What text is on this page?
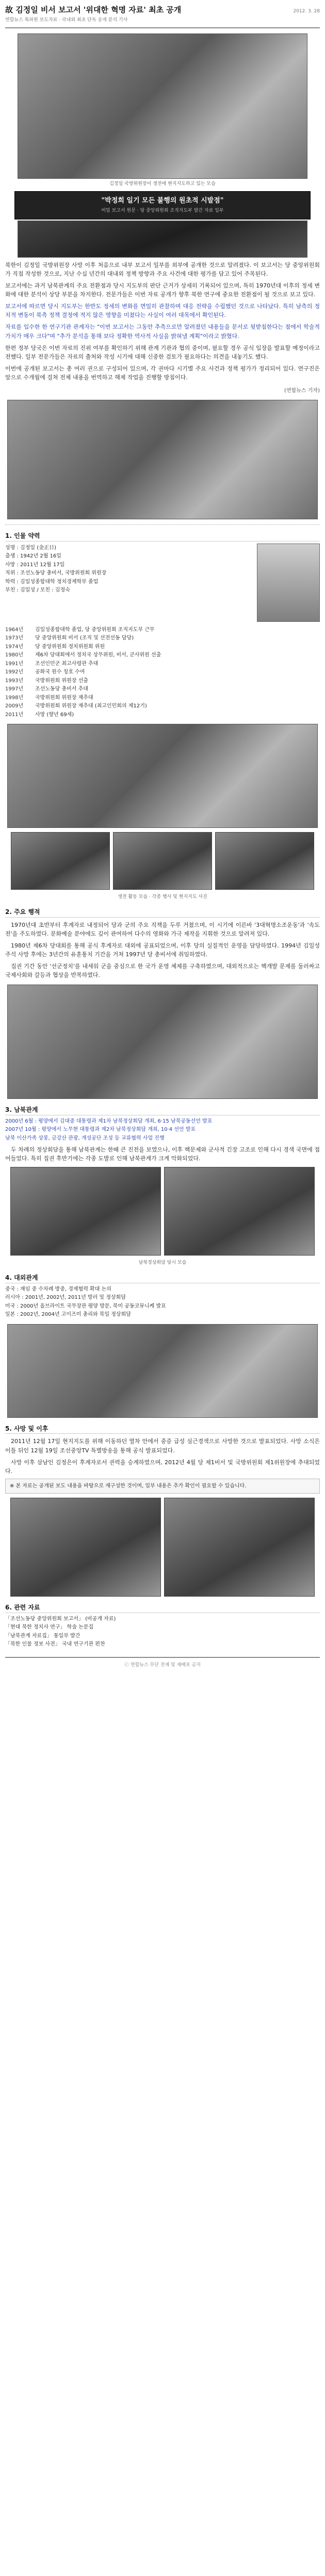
故 김정일 비서 보고서 '위대한 혁명 자료' 최초 공개	2012. 3. 28
연합뉴스 특파원 보도자료 · 국내외 최초 단독 공개 분석 기사
김정일 국방위원장이 생전에 현지지도하고 있는 모습
"박정희 일기 모든 불행의 원초적 시발점"
비밀 보고서 원문 · 당 중앙위원회 조직지도부 발간 자료 일부

북한이 김정일 국방위원장 사망 이후 처음으로 내부 보고서 일부를 외부에 공개한 것으로 알려졌다. 이 보고서는 당 중앙위원회가 직접 작성한 것으로, 지난 수십 년간의 대내외 정책 방향과 주요 사건에 대한 평가를 담고 있어 주목된다.

보고서에는 과거 남북관계의 주요 전환점과 당시 지도부의 판단 근거가 상세히 기록되어 있으며, 특히 1970년대 이후의 정세 변화에 대한 분석이 상당 부분을 차지한다. 전문가들은 이번 자료 공개가 향후 북한 연구에 중요한 전환점이 될 것으로 보고 있다.

보고서에 따르면 당시 지도부는 한반도 정세의 변화를 면밀히 관찰하며 대응 전략을 수립했던 것으로 나타났다. 특히 남측의 정치적 변동이 북측 정책 결정에 적지 않은 영향을 미쳤다는 사실이 여러 대목에서 확인된다.

자료를 입수한 한 연구기관 관계자는 "이번 보고서는 그동안 추측으로만 알려졌던 내용들을 문서로 뒷받침한다는 점에서 학술적 가치가 매우 크다"며 "추가 분석을 통해 보다 정확한 역사적 사실을 밝혀낼 계획"이라고 밝혔다.

한편 정부 당국은 이번 자료의 진위 여부를 확인하기 위해 관계 기관과 협의 중이며, 필요할 경우 공식 입장을 발표할 예정이라고 전했다. 일부 전문가들은 자료의 출처와 작성 시기에 대해 신중한 검토가 필요하다는 의견을 내놓기도 했다.

이번에 공개된 보고서는 총 여러 권으로 구성되어 있으며, 각 권마다 시기별 주요 사건과 정책 평가가 정리되어 있다. 연구진은 앞으로 수개월에 걸쳐 전체 내용을 번역하고 해제 작업을 진행할 방침이다.

(연합뉴스 기자)
1. 인물 약력
성명 : 김정일 (金正日)
출생 : 1942년 2월 16일
사망 : 2011년 12월 17일
직위 : 조선노동당 총비서, 국방위원회 위원장
학력 : 김일성종합대학 정치경제학부 졸업
부친 : 김일성 / 모친 : 김정숙
1964년 김일성종합대학 졸업, 당 중앙위원회 조직지도부 근무
1973년 당 중앙위원회 비서 (조직 및 선전선동 담당)
1974년 당 중앙위원회 정치위원회 위원
1980년 제6차 당대회에서 정치국 상무위원, 비서, 군사위원 선출
1991년 조선인민군 최고사령관 추대
1992년 공화국 원수 칭호 수여
1993년 국방위원회 위원장 선출
1997년 조선노동당 총비서 추대
1998년 국방위원회 위원장 재추대
2009년 국방위원회 위원장 재추대 (최고인민회의 제12기)
2011년 사망 (향년 69세)
생전 활동 모습 · 각종 행사 및 현지지도 사진
2. 주요 행적

1970년대 초반부터 후계자로 내정되어 당과 군의 주요 직책을 두루 거쳤으며, 이 시기에 이른바 '3대혁명소조운동'과 '속도전'을 주도하였다. 문화예술 분야에도 깊이 관여하여 다수의 영화와 가극 제작을 지휘한 것으로 알려져 있다.

1980년 제6차 당대회를 통해 공식 후계자로 대외에 공표되었으며, 이후 당의 실질적인 운영을 담당하였다. 1994년 김일성 주석 사망 후에는 3년간의 유훈통치 기간을 거쳐 1997년 당 총비서에 취임하였다.

집권 기간 동안 '선군정치'를 내세워 군을 중심으로 한 국가 운영 체제를 구축하였으며, 대외적으로는 핵개발 문제를 둘러싸고 국제사회와 갈등과 협상을 반복하였다.

3. 남북관계
2000년 6월 : 평양에서 김대중 대통령과 제1차 남북정상회담 개최, 6·15 남북공동선언 발표
2007년 10월 : 평양에서 노무현 대통령과 제2차 남북정상회담 개최, 10·4 선언 발표
남북 이산가족 상봉, 금강산 관광, 개성공단 조성 등 교류협력 사업 진행

두 차례의 정상회담을 통해 남북관계는 한때 큰 진전을 보였으나, 이후 핵문제와 군사적 긴장 고조로 인해 다시 경색 국면에 접어들었다. 특히 집권 후반기에는 각종 도발로 인해 남북관계가 크게 악화되었다.

남북정상회담 당시 모습
4. 대외관계
중국 : 재임 중 수차례 방중, 경제협력 확대 논의
러시아 : 2001년, 2002년, 2011년 방러 및 정상회담
미국 : 2000년 올브라이트 국무장관 평양 방문, 북미 공동코뮤니케 발표
일본 : 2002년, 2004년 고이즈미 총리와 북일 정상회담
5. 사망 및 이후

2011년 12월 17일 현지지도를 위해 이동하던 열차 안에서 중증 급성 심근경색으로 사망한 것으로 발표되었다. 사망 소식은 이틀 뒤인 12월 19일 조선중앙TV 특별방송을 통해 공식 발표되었다.

사망 이후 삼남인 김정은이 후계자로서 권력을 승계하였으며, 2012년 4월 당 제1비서 및 국방위원회 제1위원장에 추대되었다.

※ 본 자료는 공개된 보도 내용을 바탕으로 재구성한 것이며, 일부 내용은 추가 확인이 필요할 수 있습니다.
6. 관련 자료
「조선노동당 중앙위원회 보고서」 (비공개 자료)
「현대 북한 정치사 연구」 학술 논문집
「남북관계 자료집」 통일부 발간
「북한 인물 정보 사전」 국내 연구기관 편찬
ⓒ 연합뉴스 무단 전재 및 재배포 금지
